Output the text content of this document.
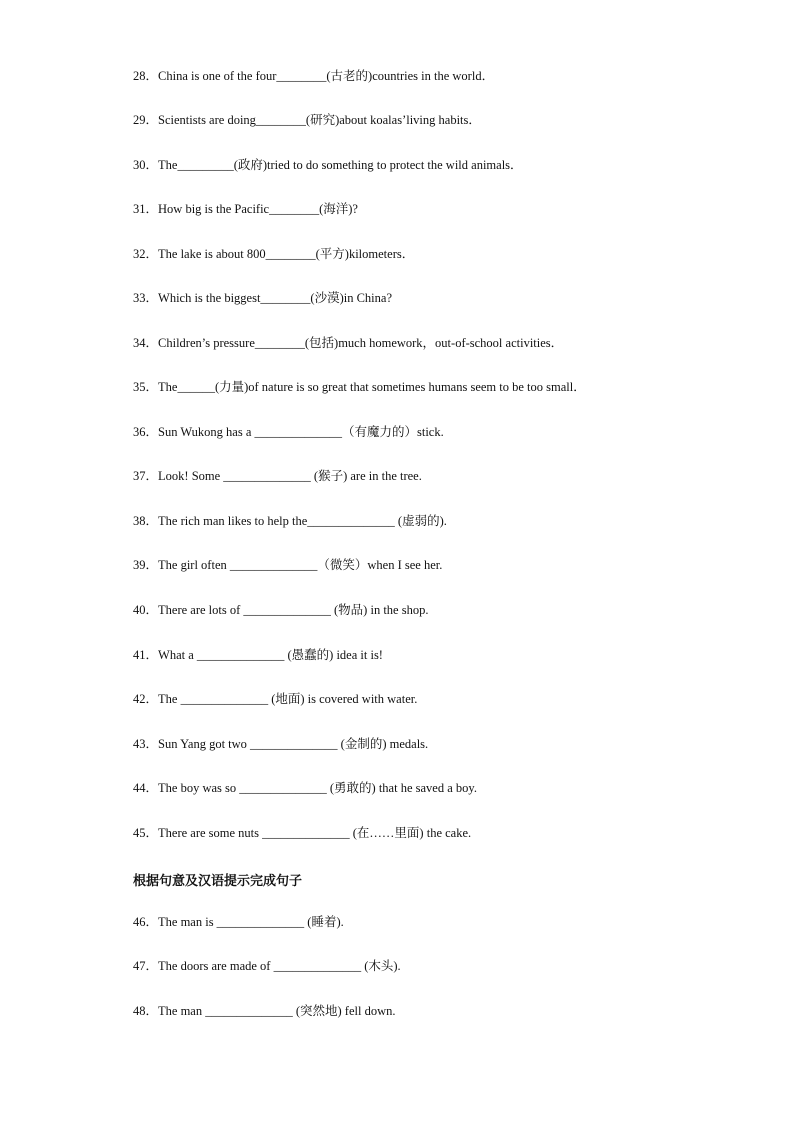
28．China is one of the four________(古老的)countries in the world．
29．Scientists are doing________(研究)about koalas’living habits．
30．The_________(政府)tried to do something to protect the wild animals．
31．How big is the Pacific________(海洋)?
32．The lake is about 800________(平方)kilometers．
33．Which is the biggest________(沙漠)in China?
34．Children’s pressure________(包括)much homework，out-of-school activities．
35．The______(力量)of nature is so great that sometimes humans seem to be too small．
36．Sun Wukong has a ______________（有魔力的）stick.
37．Look! Some ______________ (猴子) are in the tree.
38．The rich man likes to help the______________ (虚弱的).
39．The girl often ______________（微笑）when I see her.
40．There are lots of ______________ (物品) in the shop.
41．What a ______________ (愚蠢的) idea it is!
42．The ______________ (地面) is covered with water.
43．Sun Yang got two ______________ (金制的) medals.
44．The boy was so ______________ (勇敢的) that he saved a boy.
45．There are some nuts ______________ (在……里面) the cake.
根据句意及汉语提示完成句子
46．The man is ______________ (睡着).
47．The doors are made of ______________ (木头).
48．The man ______________ (突然地) fell down.
